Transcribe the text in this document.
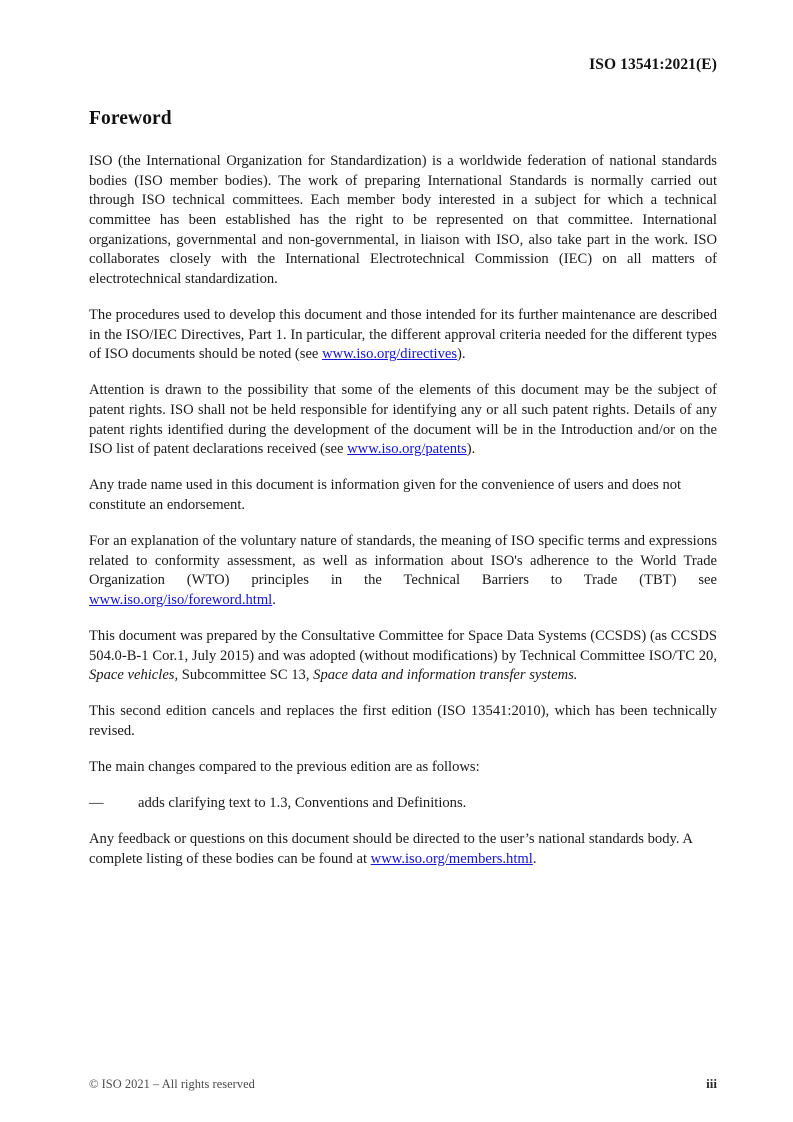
ISO 13541:2021(E)
Foreword

ISO (the International Organization for Standardization) is a worldwide federation of national standards bodies (ISO member bodies). The work of preparing International Standards is normally carried out through ISO technical committees. Each member body interested in a subject for which a technical committee has been established has the right to be represented on that committee. International organizations, governmental and non-governmental, in liaison with ISO, also take part in the work. ISO collaborates closely with the International Electrotechnical Commission (IEC) on all matters of electrotechnical standardization.

The procedures used to develop this document and those intended for its further maintenance are described in the ISO/IEC Directives, Part 1. In particular, the different approval criteria needed for the different types of ISO documents should be noted (see www.iso.org/directives).

Attention is drawn to the possibility that some of the elements of this document may be the subject of patent rights. ISO shall not be held responsible for identifying any or all such patent rights. Details of any patent rights identified during the development of the document will be in the Introduction and/or on the ISO list of patent declarations received (see www.iso.org/patents).

Any trade name used in this document is information given for the convenience of users and does not constitute an endorsement.

For an explanation of the voluntary nature of standards, the meaning of ISO specific terms and expressions related to conformity assessment, as well as information about ISO's adherence to the World Trade Organization (WTO) principles in the Technical Barriers to Trade (TBT) see www.iso.org/iso/foreword.html.

This document was prepared by the Consultative Committee for Space Data Systems (CCSDS) (as CCSDS 504.0-B-1 Cor.1, July 2015) and was adopted (without modifications) by Technical Committee ISO/TC 20, Space vehicles, Subcommittee SC 13, Space data and information transfer systems.

This second edition cancels and replaces the first edition (ISO 13541:2010), which has been technically revised.

The main changes compared to the previous edition are as follows:

— adds clarifying text to 1.3, Conventions and Definitions.

Any feedback or questions on this document should be directed to the user’s national standards body. A complete listing of these bodies can be found at www.iso.org/members.html.

© ISO 2021 – All rights reserved	iii
